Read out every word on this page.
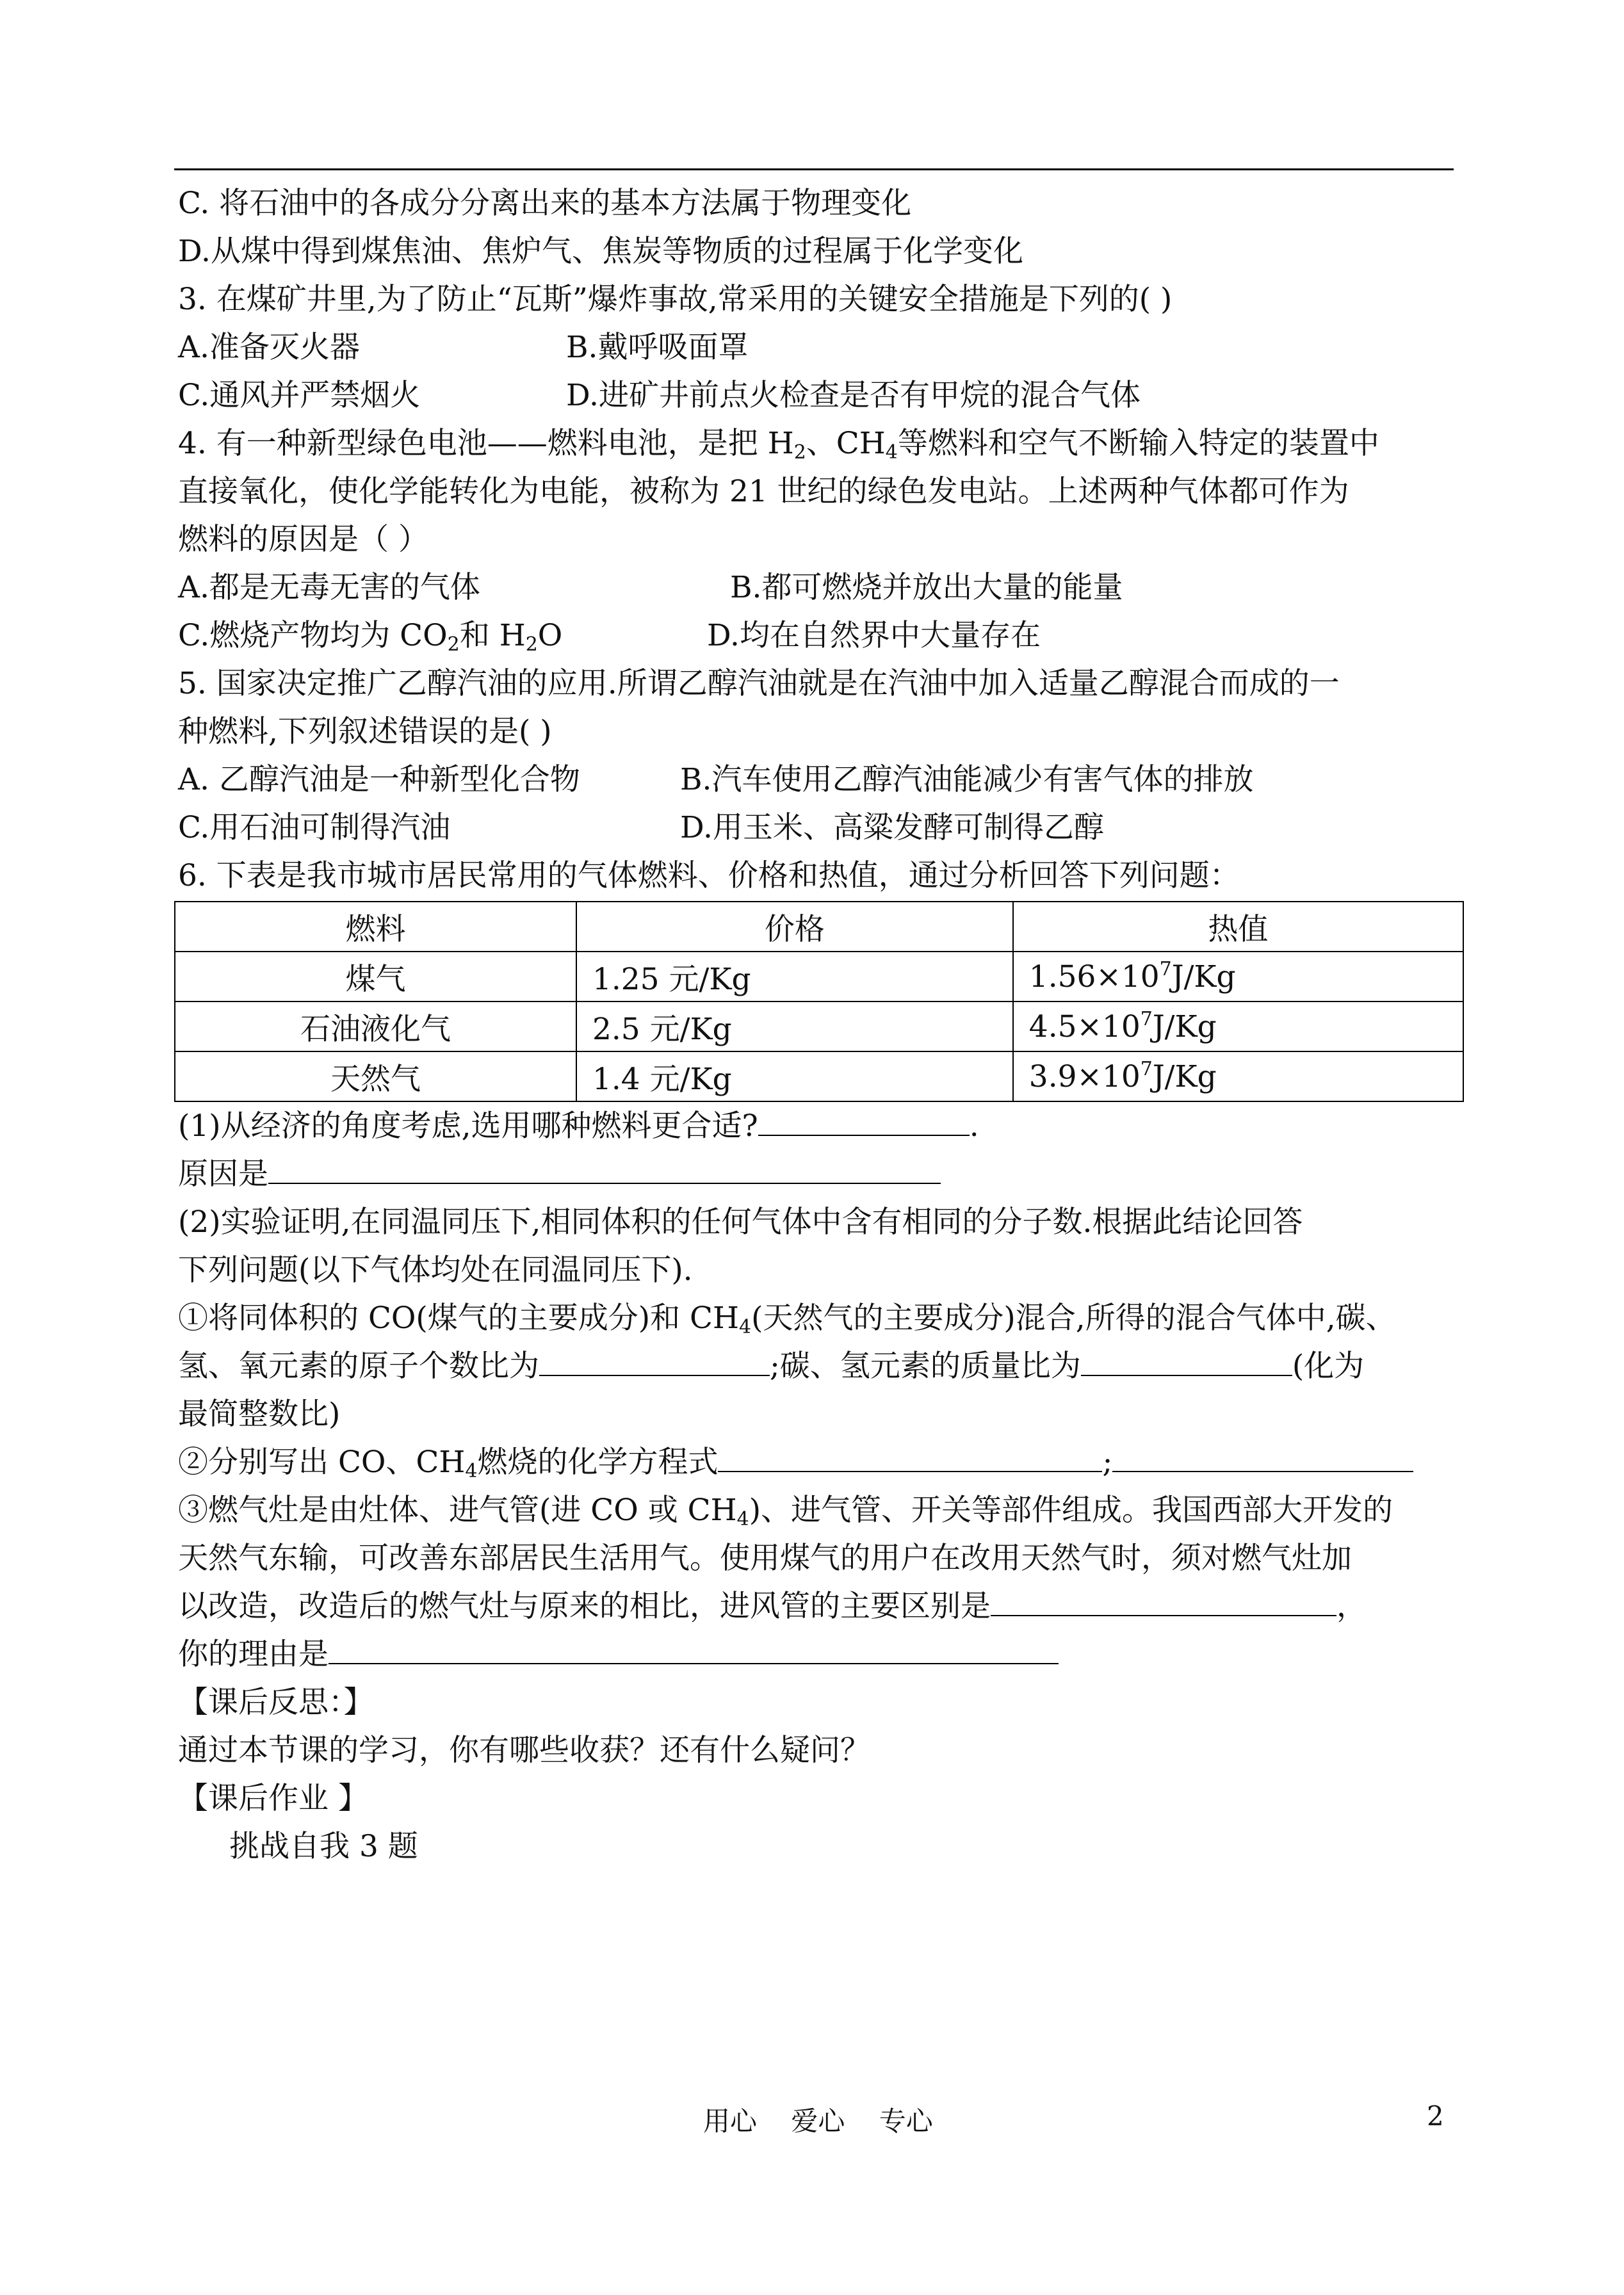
C. 将石油中的各成分分离出来的基本方法属于物理变化
D.从煤中得到煤焦油、焦炉气、焦炭等物质的过程属于化学变化
3. 在煤矿井里,为了防止“瓦斯”爆炸事故,常采用的关键安全措施是下列的( )
A.准备灭火器	B.戴呼吸面罩
C.通风并严禁烟火	D.进矿井前点火检查是否有甲烷的混合气体
4. 有一种新型绿色电池——燃料电池，是把 $H_2$、$CH_4$等燃料和空气不断输入特定的装置中
直接氧化，使化学能转化为电能，被称为 21 世纪的绿色发电站。上述两种气体都可作为
燃料的原因是（ ）
A.都是无毒无害的气体	B.都可燃烧并放出大量的能量
C.燃烧产物均为 $CO_2$和 $H_2O$	D.均在自然界中大量存在
5. 国家决定推广乙醇汽油的应用.所谓乙醇汽油就是在汽油中加入适量乙醇混合而成的一
种燃料,下列叙述错误的是( )
A. 乙醇汽油是一种新型化合物	B.汽车使用乙醇汽油能减少有害气体的排放
C.用石油可制得汽油	D.用玉米、高粱发酵可制得乙醇
6. 下表是我市城市居民常用的气体燃料、价格和热值，通过分析回答下列问题：
燃料	价格	热值
煤气	1.25 元/Kg	$1.56\times 10^7J/Kg$
石油液化气	2.5 元/Kg	$4.5\times 10^7J/Kg$
天然气	1.4 元/Kg	$3.9\times 10^7J/Kg$
(1)从经济的角度考虑,选用哪种燃料更合适?	.
原因是
(2)实验证明,在同温同压下,相同体积的任何气体中含有相同的分子数.根据此结论回答
下列问题(以下气体均处在同温同压下).
①将同体积的 CO(煤气的主要成分)和 $CH_4$(天然气的主要成分)混合,所得的混合气体中,碳、
氢、氧元素的原子个数比为	;碳、氢元素的质量比为	(化为
最简整数比)
②分别写出 CO、$CH_4$燃烧的化学方程式	;
③燃气灶是由灶体、进气管(进 CO 或 $CH_4$)、进气管、开关等部件组成。我国西部大开发的
天然气东输，可改善东部居民生活用气。使用煤气的用户在改用天然气时，须对燃气灶加
以改造，改造后的燃气灶与原来的相比，进风管的主要区别是	，
你的理由是
【课后反思：】
通过本节课的学习，你有哪些收获？还有什么疑问？
【课后作业 】
挑战自我 3 题
用心 爱心 专心	2
